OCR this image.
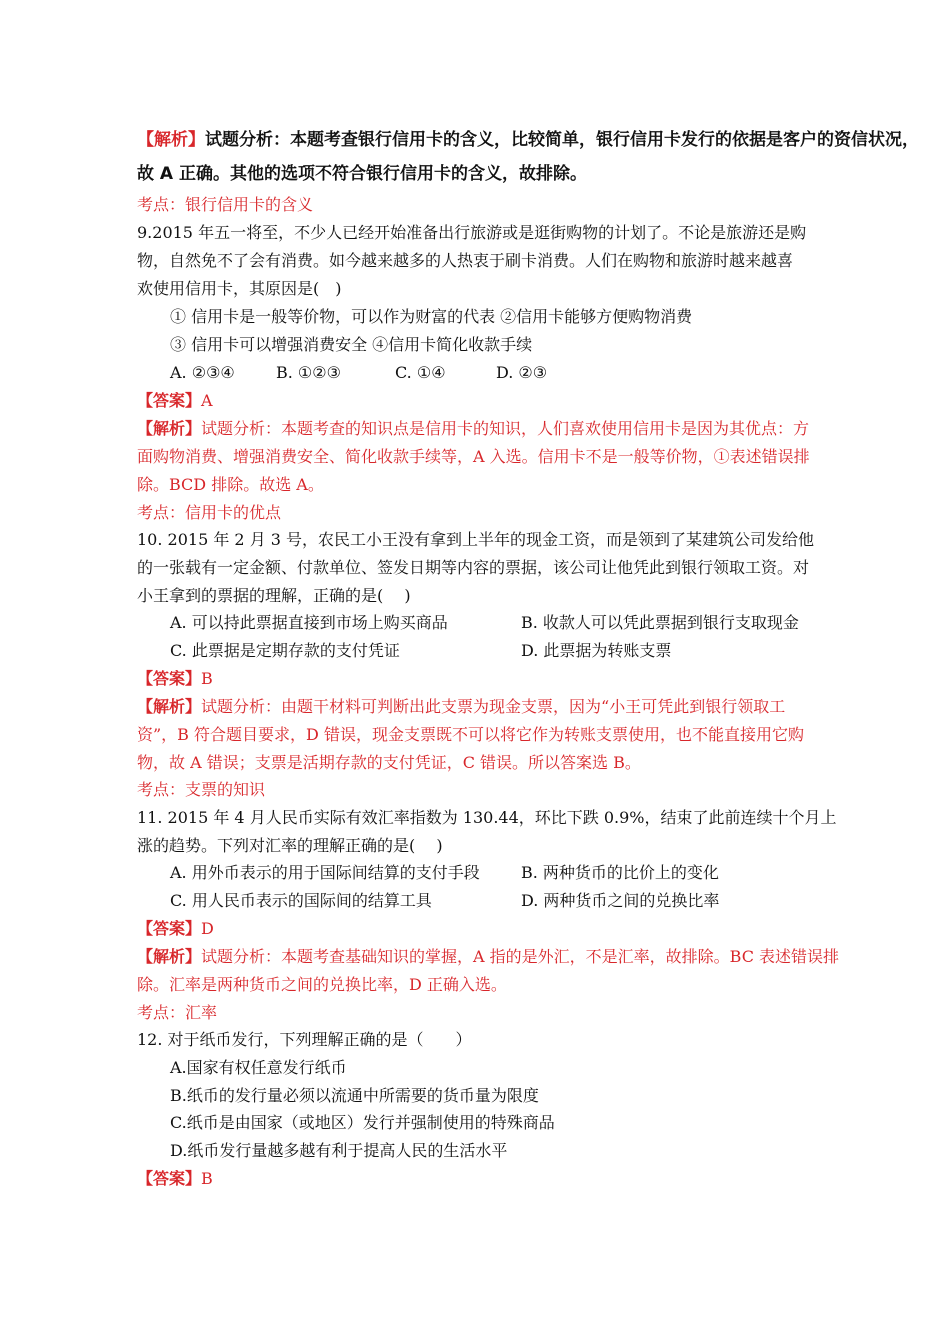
【解析】试题分析：本题考查银行信用卡的含义，比较简单，银行信用卡发行的依据是客户的资信状况，
故 A 正确。其他的选项不符合银行信用卡的含义，故排除。
考点：银行信用卡的含义
9.2015 年五一将至，不少人已经开始准备出行旅游或是逛街购物的计划了。不论是旅游还是购
物，自然免不了会有消费。如今越来越多的人热衷于刷卡消费。人们在购物和旅游时越来越喜
欢使用信用卡，其原因是(　)
① 信用卡是一般等价物，可以作为财富的代表 ②信用卡能够方便购物消费
③ 信用卡可以增强消费安全 ④信用卡简化收款手续
A. ②③④	B. ①②③	C. ①④	D. ②③
【答案】A
【解析】试题分析：本题考查的知识点是信用卡的知识，人们喜欢使用信用卡是因为其优点：方
面购物消费、增强消费安全、简化收款手续等，A 入选。信用卡不是一般等价物，①表述错误排
除。BCD 排除。故选 A。
考点：信用卡的优点
10. 2015 年 2 月 3 号，农民工小王没有拿到上半年的现金工资，而是领到了某建筑公司发给他
的一张载有一定金额、付款单位、签发日期等内容的票据，该公司让他凭此到银行领取工资。对
小王拿到的票据的理解，正确的是(　 )
A. 可以持此票据直接到市场上购买商品	B. 收款人可以凭此票据到银行支取现金
C. 此票据是定期存款的支付凭证	D. 此票据为转账支票
【答案】B
【解析】试题分析：由题干材料可判断出此支票为现金支票，因为“小王可凭此到银行领取工
资”，B 符合题目要求，D 错误，现金支票既不可以将它作为转账支票使用，也不能直接用它购
物，故 A 错误；支票是活期存款的支付凭证，C 错误。所以答案选 B。
考点：支票的知识
11. 2015 年 4 月人民币实际有效汇率指数为 130.44，环比下跌 0.9%，结束了此前连续十个月上
涨的趋势。下列对汇率的理解正确的是(　 )
A. 用外币表示的用于国际间结算的支付手段	B. 两种货币的比价上的变化
C. 用人民币表示的国际间的结算工具	D. 两种货币之间的兑换比率
【答案】D
【解析】试题分析：本题考查基础知识的掌握，A 指的是外汇，不是汇率，故排除。BC 表述错误排
除。汇率是两种货币之间的兑换比率，D 正确入选。
考点：汇率
12. 对于纸币发行，下列理解正确的是（　　）
A.国家有权任意发行纸币
B.纸币的发行量必须以流通中所需要的货币量为限度
C.纸币是由国家（或地区）发行并强制使用的特殊商品
D.纸币发行量越多越有利于提高人民的生活水平
【答案】B
